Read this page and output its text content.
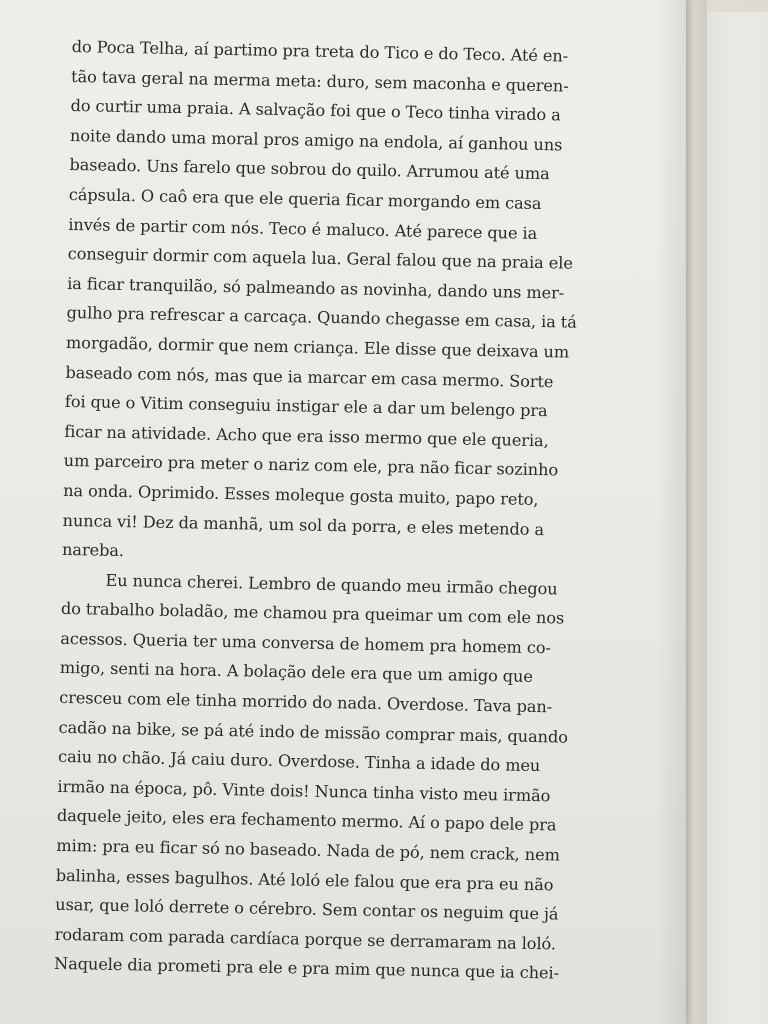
do Poca Telha, aí partimo pra treta do Tico e do Teco. Até en-
tão tava geral na merma meta: duro, sem maconha e queren-
do curtir uma praia. A salvação foi que o Teco tinha virado a
noite dando uma moral pros amigo na endola, aí ganhou uns
baseado. Uns farelo que sobrou do quilo. Arrumou até uma
cápsula. O caô era que ele queria ficar morgando em casa
invés de partir com nós. Teco é maluco. Até parece que ia
conseguir dormir com aquela lua. Geral falou que na praia ele
ia ficar tranquilão, só palmeando as novinha, dando uns mer-
gulho pra refrescar a carcaça. Quando chegasse em casa, ia tá
morgadão, dormir que nem criança. Ele disse que deixava um
baseado com nós, mas que ia marcar em casa mermo. Sorte
foi que o Vitim conseguiu instigar ele a dar um belengo pra
ficar na atividade. Acho que era isso mermo que ele queria,
um parceiro pra meter o nariz com ele, pra não ficar sozinho
na onda. Oprimido. Esses moleque gosta muito, papo reto,
nunca vi! Dez da manhã, um sol da porra, e eles metendo a
nareba.
Eu nunca cherei. Lembro de quando meu irmão chegou
do trabalho boladão, me chamou pra queimar um com ele nos
acessos. Queria ter uma conversa de homem pra homem co-
migo, senti na hora. A bolação dele era que um amigo que
cresceu com ele tinha morrido do nada. Overdose. Tava pan-
cadão na bike, se pá até indo de missão comprar mais, quando
caiu no chão. Já caiu duro. Overdose. Tinha a idade do meu
irmão na época, pô. Vinte dois! Nunca tinha visto meu irmão
daquele jeito, eles era fechamento mermo. Aí o papo dele pra
mim: pra eu ficar só no baseado. Nada de pó, nem crack, nem
balinha, esses bagulhos. Até loló ele falou que era pra eu não
usar, que loló derrete o cérebro. Sem contar os neguim que já
rodaram com parada cardíaca porque se derramaram na loló.
Naquele dia prometi pra ele e pra mim que nunca que ia chei-
